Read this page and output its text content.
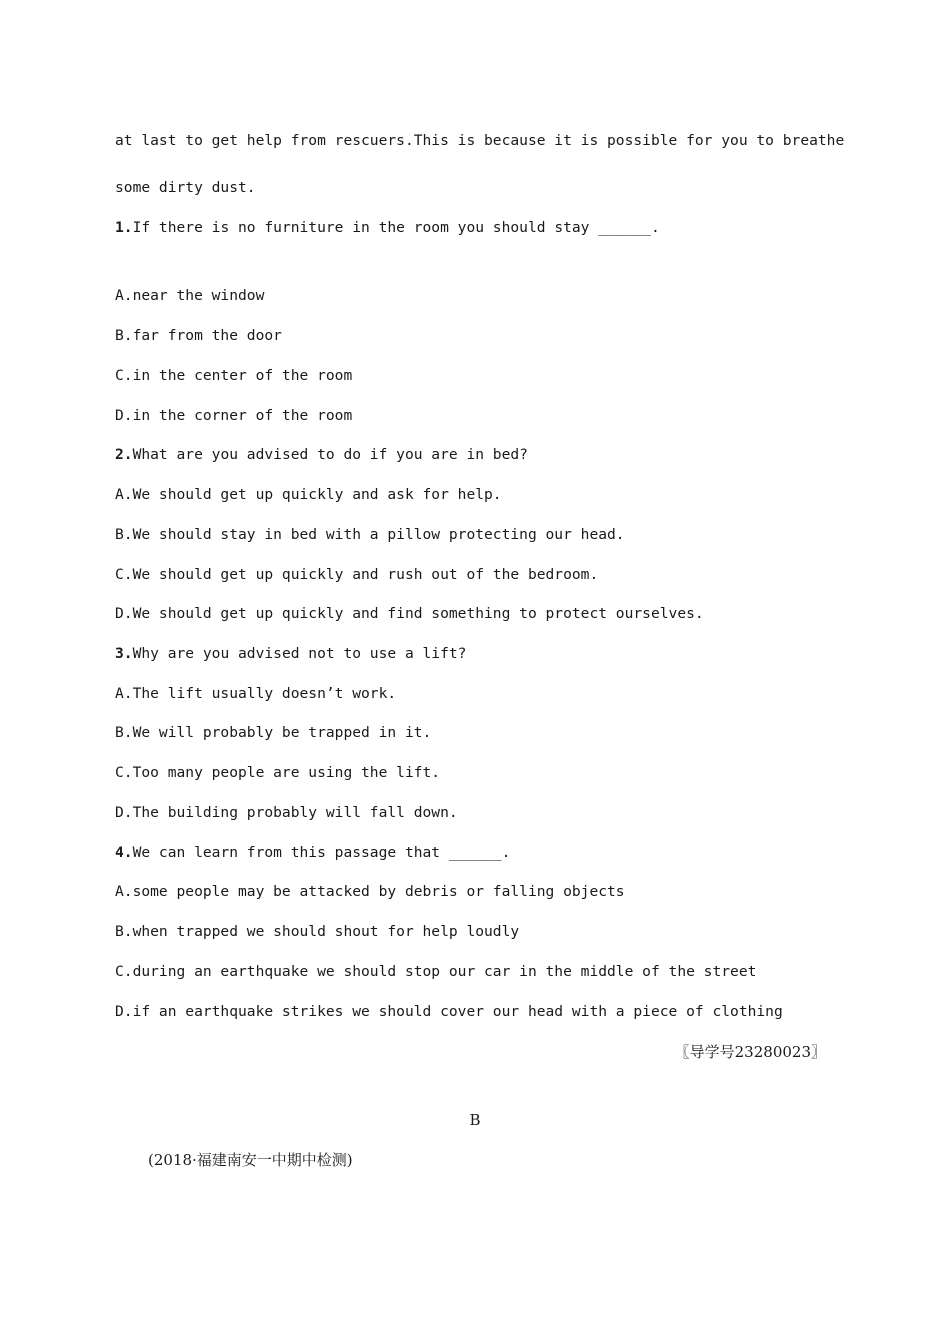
at last to get help from rescuers.This is because it is possible for you to breathe
some dirty dust.
1.If there is no furniture in the room you should stay ______.
A.near the window
B.far from the door
C.in the center of the room
D.in the corner of the room
2.What are you advised to do if you are in bed?
A.We should get up quickly and ask for help.
B.We should stay in bed with a pillow protecting our head.
C.We should get up quickly and rush out of the bedroom.
D.We should get up quickly and find something to protect ourselves.
3.Why are you advised not to use a lift?
A.The lift usually doesn’t work.
B.We will probably be trapped in it.
C.Too many people are using the lift.
D.The building probably will fall down.
4.We can learn from this passage that ______.
A.some people may be attacked by debris or falling objects
B.when trapped we should shout for help loudly
C.during an earthquake we should stop our car in the middle of the street
D.if an earthquake strikes we should cover our head with a piece of clothing
〖导学号23280023〗
B
(2018·福建南安一中期中检测)
